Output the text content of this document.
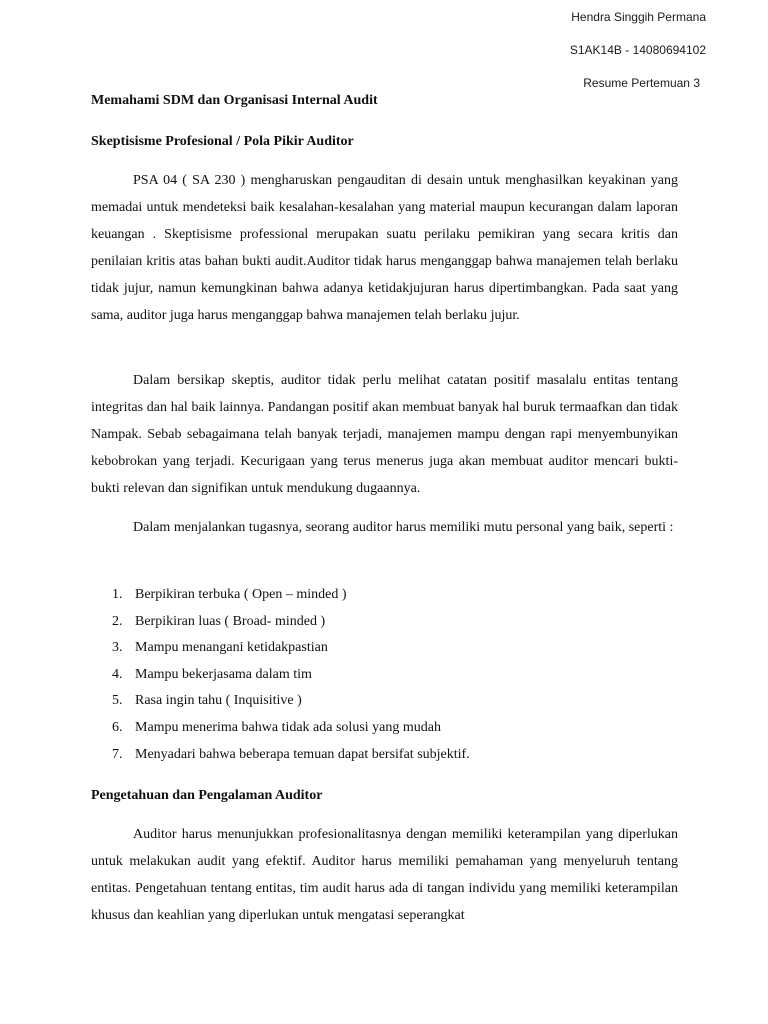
Hendra Singgih Permana
S1AK14B - 14080694102
Resume Pertemuan 3
Memahami SDM dan Organisasi Internal Audit
Skeptisisme Profesional / Pola Pikir Auditor

PSA 04 ( SA 230 ) mengharuskan pengauditan di desain untuk menghasilkan keyakinan yang memadai untuk mendeteksi baik kesalahan-kesalahan yang material maupun kecurangan dalam laporan keuangan . Skeptisisme professional merupakan suatu perilaku pemikiran yang secara kritis dan penilaian kritis atas bahan bukti audit.Auditor tidak harus menganggap bahwa manajemen telah berlaku tidak jujur, namun kemungkinan bahwa adanya ketidakjujuran harus dipertimbangkan. Pada saat yang sama, auditor juga harus menganggap bahwa manajemen telah berlaku jujur.

Dalam bersikap skeptis, auditor tidak perlu melihat catatan positif masalalu entitas tentang integritas dan hal baik lainnya. Pandangan positif akan membuat banyak hal buruk termaafkan dan tidak Nampak. Sebab sebagaimana telah banyak terjadi, manajemen mampu dengan rapi menyembunyikan kebobrokan yang terjadi. Kecurigaan yang terus menerus juga akan membuat auditor mencari bukti-bukti relevan dan signifikan untuk mendukung dugaannya.

Dalam menjalankan tugasnya, seorang auditor harus memiliki mutu personal yang baik, seperti :

1. Berpikiran terbuka ( Open – minded )
2. Berpikiran luas ( Broad- minded )
3. Mampu menangani ketidakpastian
4. Mampu bekerjasama dalam tim
5. Rasa ingin tahu ( Inquisitive )
6. Mampu menerima bahwa tidak ada solusi yang mudah
7. Menyadari bahwa beberapa temuan dapat bersifat subjektif.
Pengetahuan dan Pengalaman Auditor

Auditor harus menunjukkan profesionalitasnya dengan memiliki keterampilan yang diperlukan untuk melakukan audit yang efektif. Auditor harus memiliki pemahaman yang menyeluruh tentang entitas. Pengetahuan tentang entitas, tim audit harus ada di tangan individu yang memiliki keterampilan khusus dan keahlian yang diperlukan untuk mengatasi seperangkat
